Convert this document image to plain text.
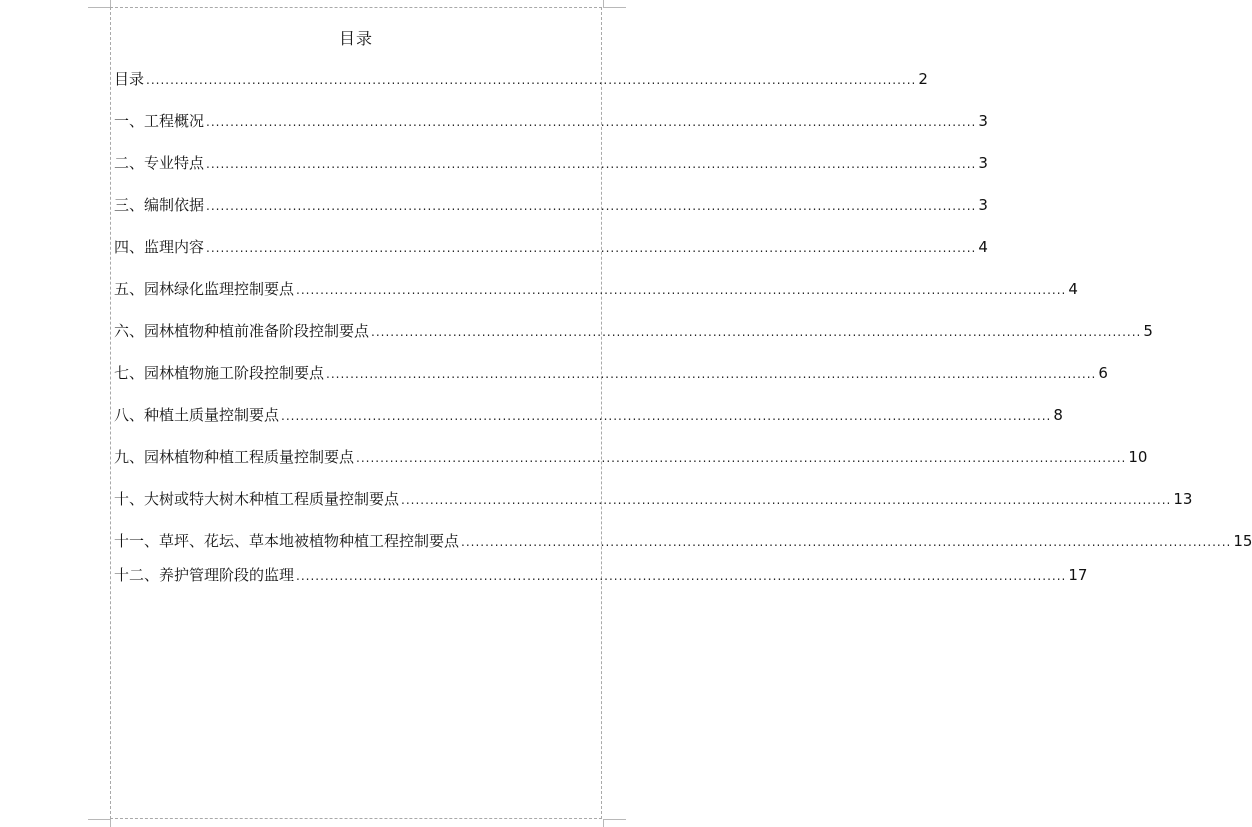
目录
目录 ................................................................................................................................................................ 2
一、工程概况 ................................................................................................................................................................ 3
二、专业特点 ................................................................................................................................................................ 3
三、编制依据 ................................................................................................................................................................ 3
四、监理内容 ................................................................................................................................................................ 4
五、园林绿化监理控制要点 ................................................................................................................................................................ 4
六、园林植物种植前准备阶段控制要点 ................................................................................................................................................................ 5
七、园林植物施工阶段控制要点 ................................................................................................................................................................ 6
八、种植土质量控制要点 ................................................................................................................................................................ 8
九、园林植物种植工程质量控制要点 ................................................................................................................................................................ 10
十、大树或特大树木种植工程质量控制要点 ................................................................................................................................................................ 13
十一、草坪、花坛、草本地被植物种植工程控制要点 ................................................................................................................................................................ 15
十二、养护管理阶段的监理 ................................................................................................................................................................ 17
